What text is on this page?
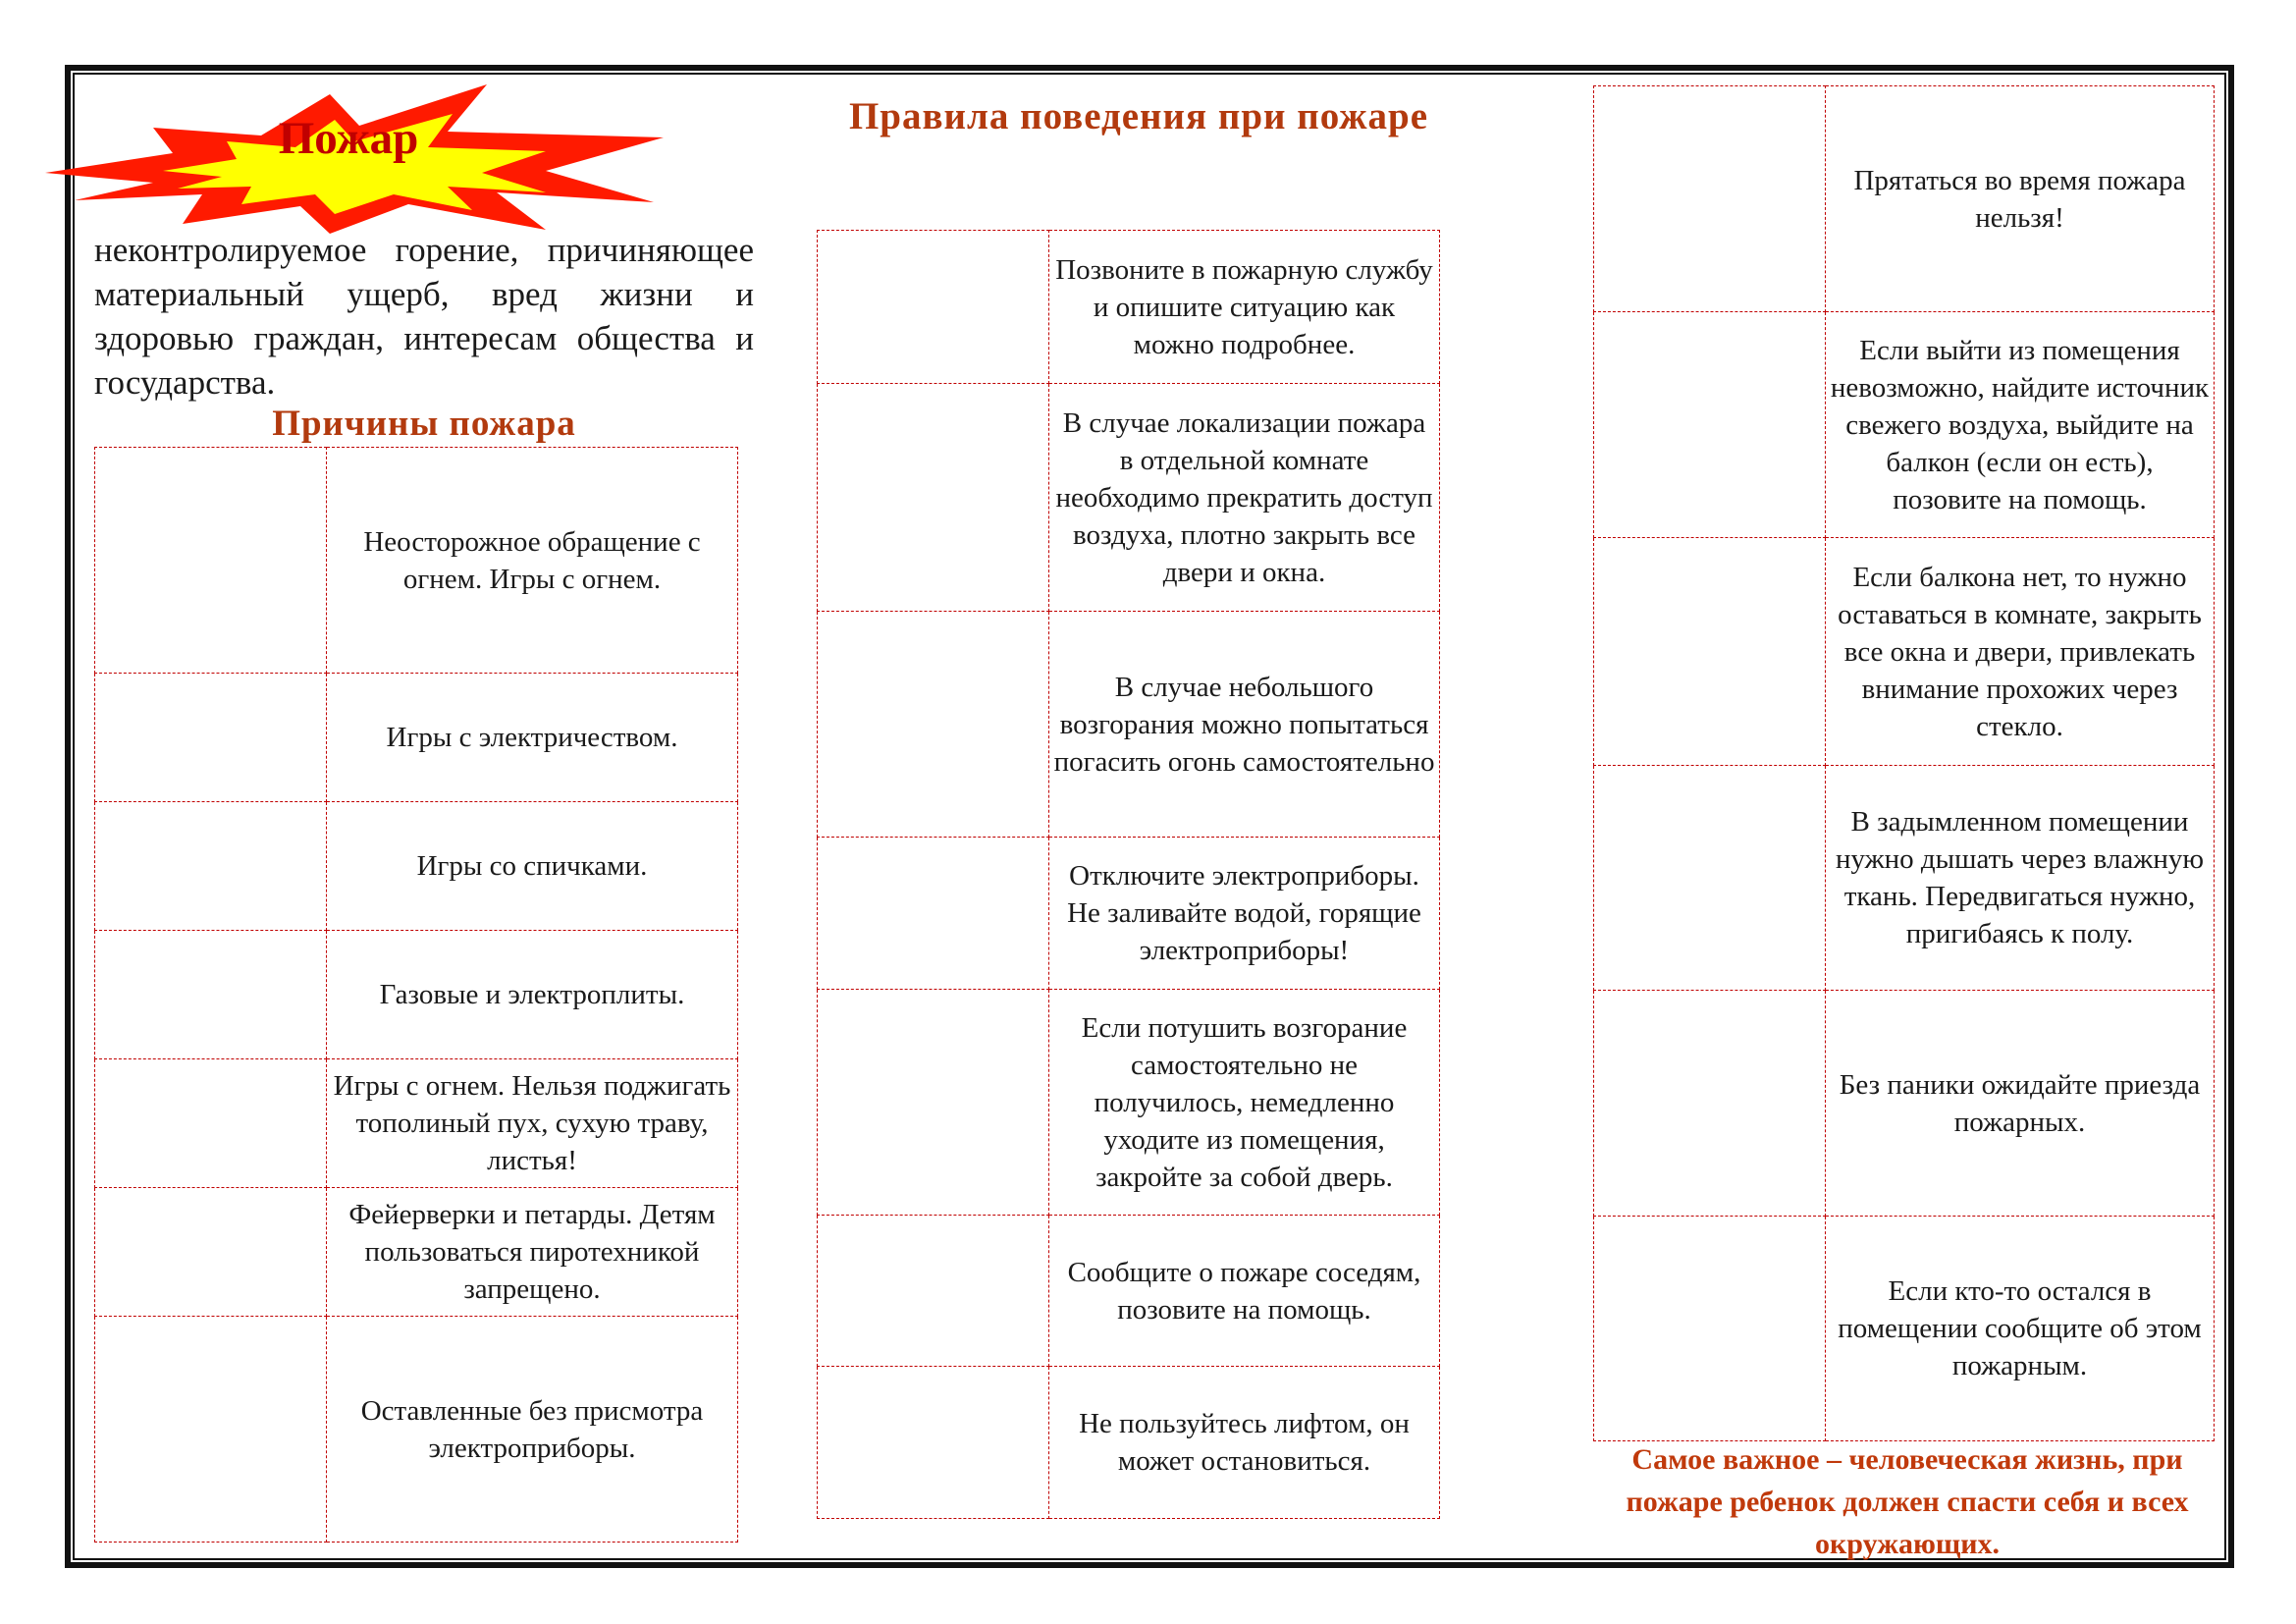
Пожар
неконтролируемое горение, причиняющее материальный ущерб, вред жизни и здоровью граждан, интересам общества и государства.
Причины пожара
	Неосторожное обращение с огнем. Игры с огнем.

	Игры с электричеством.

	Игры со спичками.

	Газовые и электроплиты.

	Игры с огнем. Нельзя поджигать тополиный пух, сухую траву, листья!

	Фейерверки и петарды. Детям пользоваться пиротехникой запрещено.

	Оставленные без присмотра электроприборы.
Правила поведения при пожаре
	Позвоните в пожарную службу и опишите ситуацию как можно подробнее.

	В случае локализации пожара в отдельной комнате необходимо прекратить доступ воздуха, плотно закрыть все двери и окна.

	В случае небольшого возгорания можно попытаться погасить огонь самостоятельно

	Отключите электроприборы. Не заливайте водой, горящие электроприборы!

	Если потушить возгорание самостоятельно не получилось, немедленно уходите из помещения, закройте за собой дверь.

	Сообщите о пожаре соседям, позовите на помощь.

	Не пользуйтесь лифтом, он может остановиться.
	Прятаться во время пожара нельзя!

	Если выйти из помещения невозможно, найдите источник свежего воздуха, выйдите на балкон (если он есть), позовите на помощь.

	Если балкона нет, то нужно оставаться в комнате, закрыть все окна и двери, привлекать внимание прохожих через стекло.

	В задымленном помещении нужно дышать через влажную ткань. Передвигаться нужно, пригибаясь к полу.

	Без паники ожидайте приезда пожарных.

	Если кто-то остался в помещении сообщите об этом пожарным.
Самое важное – человеческая жизнь, при пожаре ребенок должен спасти себя и всех окружающих.
